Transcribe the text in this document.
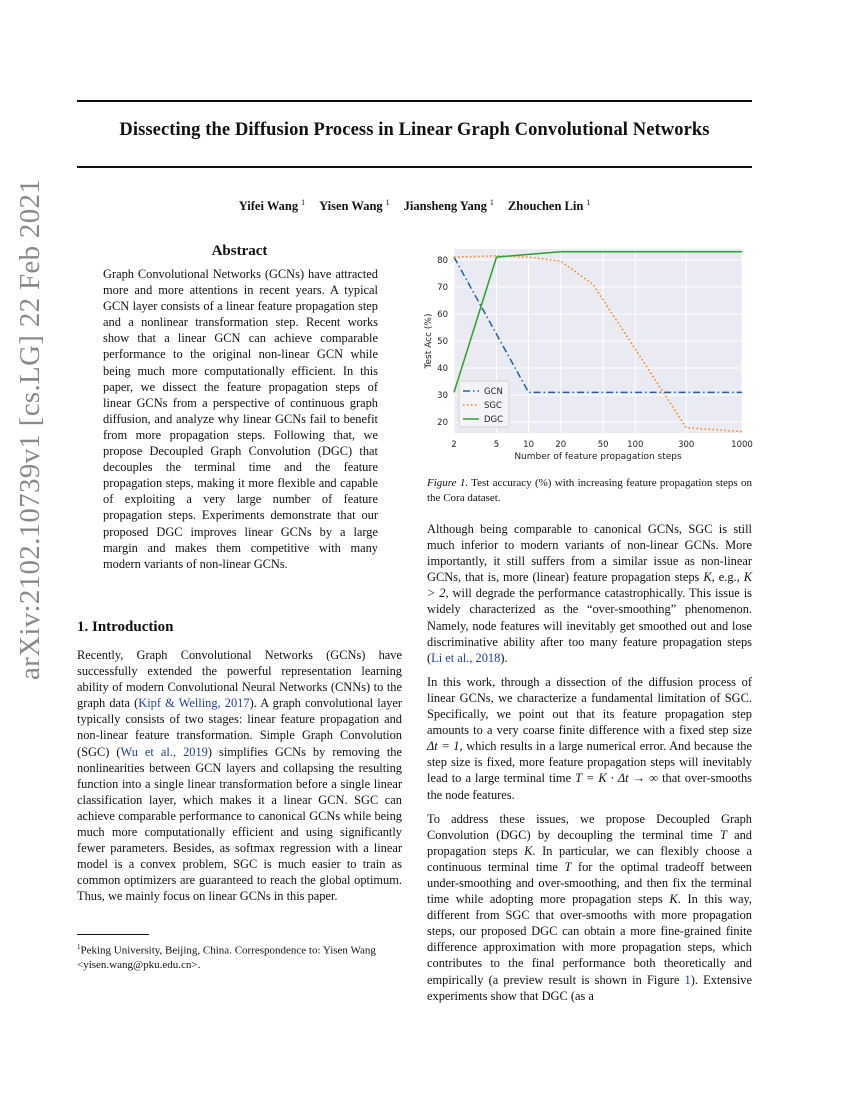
Dissecting the Diffusion Process in Linear Graph Convolutional Networks
Yifei Wang $^1$ Yisen Wang $^1$ Jiansheng Yang $^1$ Zhouchen Lin $^1$
arXiv:2102.10739v1 [cs.LG] 22 Feb 2021	Abstract
Graph Convolutional Networks (GCNs) have attracted more and more attentions in recent years. A typical GCN layer consists of a linear feature propagation step and a nonlinear transformation step. Recent works show that a linear GCN can achieve comparable performance to the original non-linear GCN while being much more computationally efficient. In this paper, we dissect the feature propagation steps of linear GCNs from a perspective of continuous graph diffusion, and analyze why linear GCNs fail to benefit from more propagation steps. Following that, we propose Decoupled Graph Convolution (DGC) that decouples the terminal time and the feature propagation steps, making it more flexible and capable of exploiting a very large number of feature propagation steps. Experiments demonstrate that our proposed DGC improves linear GCNs by a large margin and makes them competitive with many modern variants of non-linear GCNs.
1. Introduction
Recently, Graph Convolutional Networks (GCNs) have successfully extended the powerful representation learning ability of modern Convolutional Neural Networks (CNNs) to the graph data (Kipf & Welling, 2017). A graph convolutional layer typically consists of two stages: linear feature propagation and non-linear feature transformation. Simple Graph Convolution (SGC) (Wu et al., 2019) simplifies GCNs by removing the nonlinearities between GCN layers and collapsing the resulting function into a single linear transformation before a single linear classification layer, which makes it a linear GCN. SGC can achieve comparable performance to canonical GCNs while being much more computationally efficient and using significantly fewer parameters. Besides, as softmax regression with a linear model is a convex problem, SGC is much easier to train as common optimizers are guaranteed to reach the global optimum. Thus, we mainly focus on linear GCNs in this paper.
$^1$Peking University, Beijing, China. Correspondence to: Yisen Wang <yisen.wang@pku.edu.cn>.
2	5	10	20	50 100	300	1000
20
30
40
50
60
70
80
Number of feature propagation steps
Test Acc (%)
GCN
SGC
DGC
Figure 1. Test accuracy (%) with increasing feature propagation steps on the Cora dataset.

Although being comparable to canonical GCNs, SGC is still much inferior to modern variants of non-linear GCNs. More importantly, it still suffers from a similar issue as non-linear GCNs, that is, more (linear) feature propagation steps K, e.g., K > 2, will degrade the performance catastrophically. This issue is widely characterized as the “over-smoothing” phenomenon. Namely, node features will inevitably get smoothed out and lose discriminative ability after too many feature propagation steps (Li et al., 2018).

In this work, through a dissection of the diffusion process of linear GCNs, we characterize a fundamental limitation of SGC. Specifically, we point out that its feature propagation step amounts to a very coarse finite difference with a fixed step size Δt = 1, which results in a large numerical error. And because the step size is fixed, more feature propagation steps will inevitably lead to a large terminal time T = K · Δt → ∞ that over-smooths the node features.

To address these issues, we propose Decoupled Graph Convolution (DGC) by decoupling the terminal time T and propagation steps K. In particular, we can flexibly choose a continuous terminal time T for the optimal tradeoff between under-smoothing and over-smoothing, and then fix the terminal time while adopting more propagation steps K. In this way, different from SGC that over-smooths with more propagation steps, our proposed DGC can obtain a more fine-grained finite difference approximation with more propagation steps, which contributes to the final performance both theoretically and empirically (a preview result is shown in Figure 1). Extensive experiments show that DGC (as a
